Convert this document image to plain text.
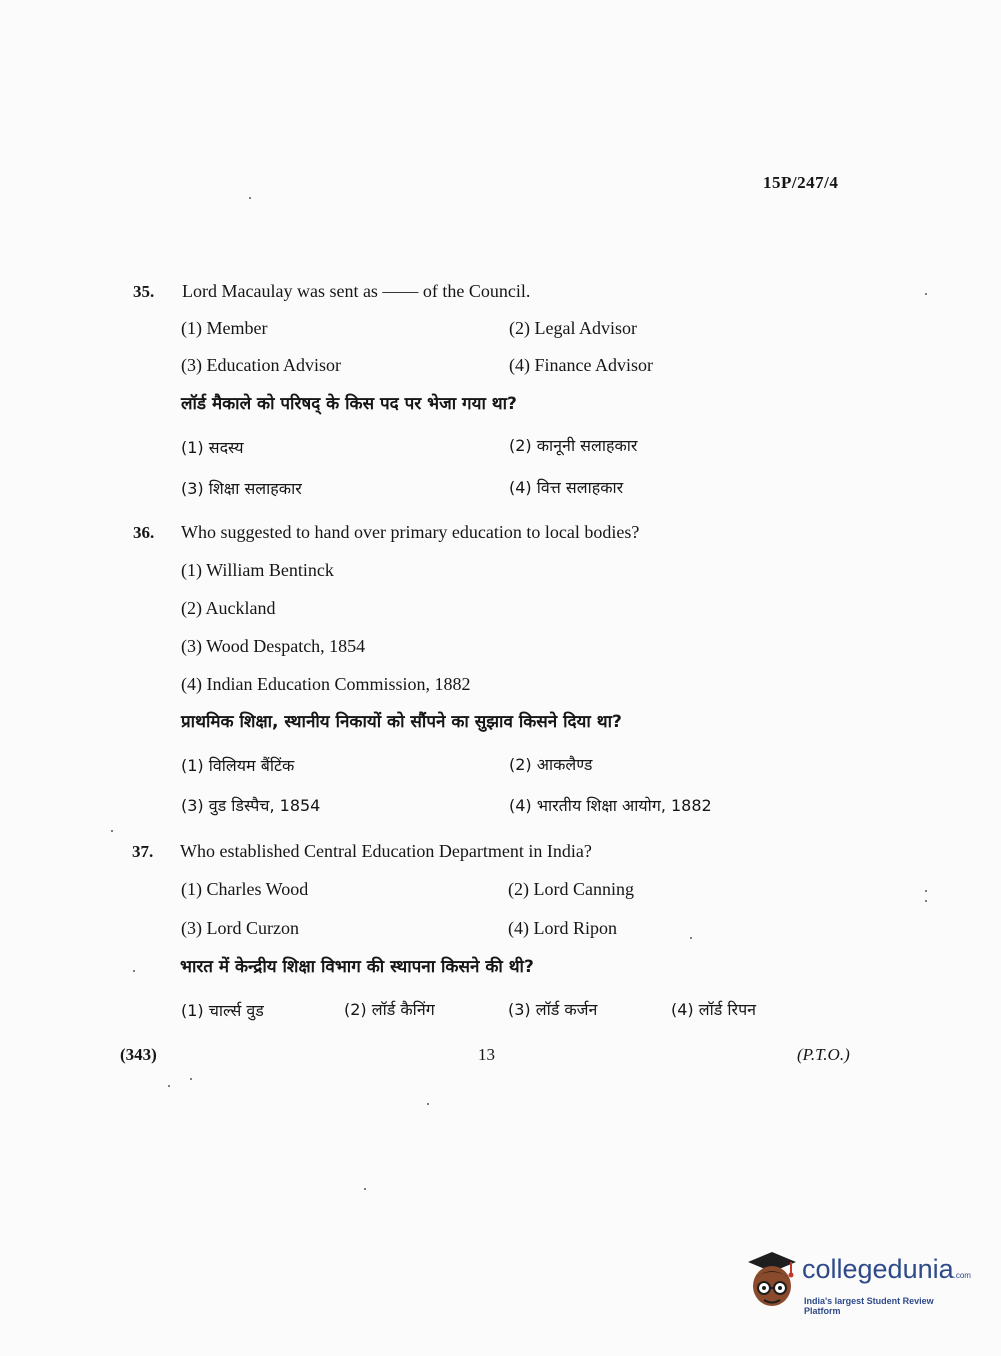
15P/247/4
35. Lord Macaulay was sent as —— of the Council.
(1) Member	(2) Legal Advisor
(3) Education Advisor	(4) Finance Advisor
लॉर्ड मैकाले को परिषद् के किस पद पर भेजा गया था?
(1) सदस्य	(2) कानूनी सलाहकार
(3) शिक्षा सलाहकार	(4) वित्त सलाहकार
36. Who suggested to hand over primary education to local bodies?
(1) William Bentinck
(2) Auckland
(3) Wood Despatch, 1854
(4) Indian Education Commission, 1882
प्राथमिक शिक्षा, स्थानीय निकायों को सौंपने का सुझाव किसने दिया था?
(1) विलियम बैंटिंक	(2) आकलैण्ड
(3) वुड डिस्पैच, 1854	(4) भारतीय शिक्षा आयोग, 1882
37. Who established Central Education Department in India?
(1) Charles Wood	(2) Lord Canning
(3) Lord Curzon	(4) Lord Ripon
भारत में केन्द्रीय शिक्षा विभाग की स्थापना किसने की थी?
(1) चार्ल्स वुड	(2) लॉर्ड कैनिंग	(3) लॉर्ड कर्जन	(4) लॉर्ड रिपन
(343)	13	(P.T.O.)
collegedunia.com
India's largest Student Review Platform
